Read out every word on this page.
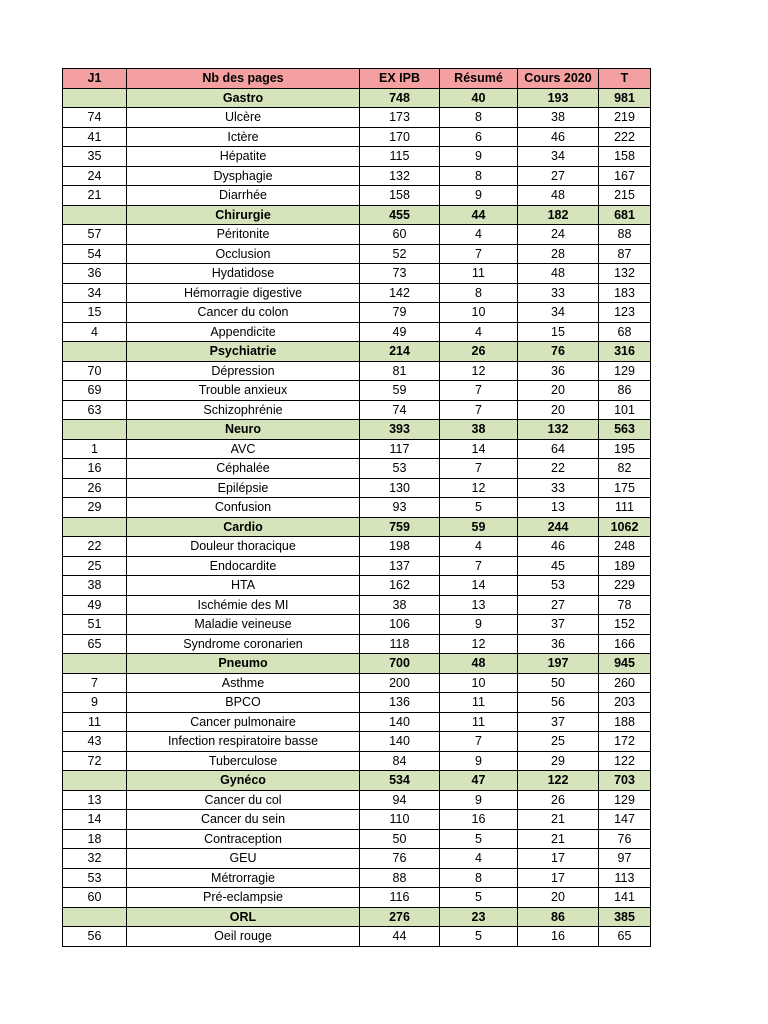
J1	Nb des pages	EX IPB	Résumé	Cours 2020	T
	Gastro	748	40	193	981
74	Ulcère	173	8	38	219
41	Ictère	170	6	46	222
35	Hépatite	115	9	34	158
24	Dysphagie	132	8	27	167
21	Diarrhée	158	9	48	215
	Chirurgie	455	44	182	681
57	Péritonite	60	4	24	88
54	Occlusion	52	7	28	87
36	Hydatidose	73	11	48	132
34	Hémorragie digestive	142	8	33	183
15	Cancer du colon	79	10	34	123
4	Appendicite	49	4	15	68
	Psychiatrie	214	26	76	316
70	Dépression	81	12	36	129
69	Trouble anxieux	59	7	20	86
63	Schizophrénie	74	7	20	101
	Neuro	393	38	132	563
1	AVC	117	14	64	195
16	Céphalée	53	7	22	82
26	Epilépsie	130	12	33	175
29	Confusion	93	5	13	111
	Cardio	759	59	244	1062
22	Douleur thoracique	198	4	46	248
25	Endocardite	137	7	45	189
38	HTA	162	14	53	229
49	Ischémie des MI	38	13	27	78
51	Maladie veineuse	106	9	37	152
65	Syndrome coronarien	118	12	36	166
	Pneumo	700	48	197	945
7	Asthme	200	10	50	260
9	BPCO	136	11	56	203
11	Cancer pulmonaire	140	11	37	188
43	Infection respiratoire basse	140	7	25	172
72	Tuberculose	84	9	29	122
	Gynéco	534	47	122	703
13	Cancer du col	94	9	26	129
14	Cancer du sein	110	16	21	147
18	Contraception	50	5	21	76
32	GEU	76	4	17	97
53	Métrorragie	88	8	17	113
60	Pré-eclampsie	116	5	20	141
	ORL	276	23	86	385
56	Oeil rouge	44	5	16	65
